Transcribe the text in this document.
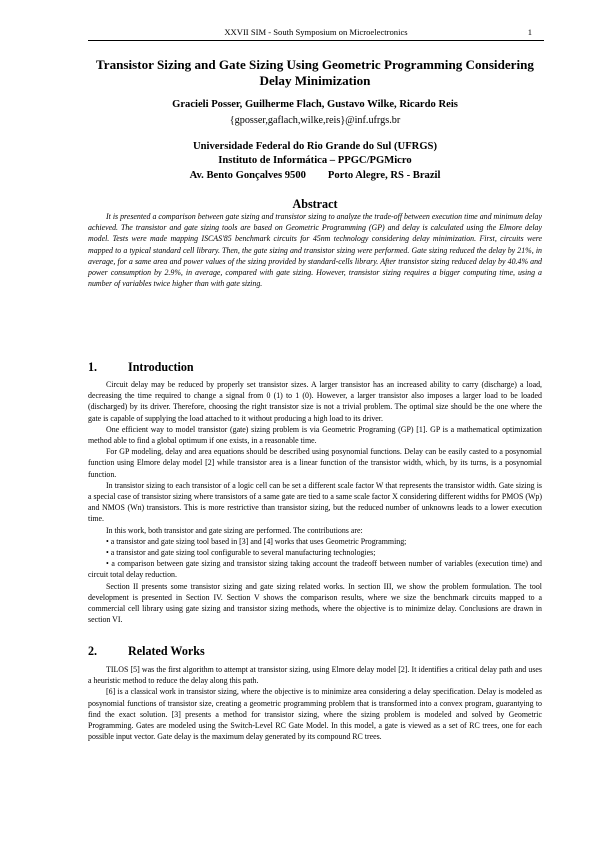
XXVII SIM - South Symposium on Microelectronics	1
Transistor Sizing and Gate Sizing Using Geometric Programming Considering Delay Minimization
Gracieli Posser, Guilherme Flach, Gustavo Wilke, Ricardo Reis
{gposser,gaflach,wilke,reis}@inf.ufrgs.br
Universidade Federal do Rio Grande do Sul (UFRGS)
Instituto de Informática – PPGC/PGMicro
Av. Bento Gonçalves 9500 Porto Alegre, RS - Brazil
Abstract

It is presented a comparison between gate sizing and transistor sizing to analyze the trade-off between execution time and minimum delay achieved. The transistor and gate sizing tools are based on Geometric Programming (GP) and delay is calculated using the Elmore delay model. Tests were made mapping ISCAS'85 benchmark circuits for 45nm technology considering delay minimization. First, circuits were mapped to a typical standard cell library. Then, the gate sizing and transistor sizing were performed. Gate sizing reduced the delay by 21%, in average, for a same area and power values of the sizing provided by standard-cells library. After transistor sizing reduced delay by 40.4% and power consumption by 2.9%, in average, compared with gate sizing. However, transistor sizing requires a bigger computing time, using a number of variables twice higher than with gate sizing.

1.	Introduction

Circuit delay may be reduced by properly set transistor sizes. A larger transistor has an increased ability to carry (discharge) a load, decreasing the time required to change a signal from 0 (1) to 1 (0). However, a larger transistor also imposes a larger load to be loaded (discharged) by its driver. Therefore, choosing the right transistor size is not a trivial problem. The optimal size should be the one where the gate is capable of supplying the load attached to it without producing a high load to its driver.

One efficient way to model transistor (gate) sizing problem is via Geometric Programing (GP) [1]. GP is a mathematical optimization method able to find a global optimum if one exists, in a reasonable time.

For GP modeling, delay and area equations should be described using posynomial functions. Delay can be easily casted to a posynomial function using Elmore delay model [2] while transistor area is a linear function of the transistor width, which, by its turns, is a posynomial function.

In transistor sizing to each transistor of a logic cell can be set a different scale factor W that represents the transistor width. Gate sizing is a special case of transistor sizing where transistors of a same gate are tied to a same scale factor X considering different widths for PMOS (Wp) and NMOS (Wn) transistors. This is more restrictive than transistor sizing, but the reduced number of unknowns leads to a lower execution time.

In this work, both transistor and gate sizing are performed. The contributions are:

• a transistor and gate sizing tool based in [3] and [4] works that uses Geometric Programming;

• a transistor and gate sizing tool configurable to several manufacturing technologies;

• a comparison between gate sizing and transistor sizing taking account the tradeoff between number of variables (execution time) and circuit total delay reduction.

Section II presents some transistor sizing and gate sizing related works. In section III, we show the problem formulation. The tool development is presented in Section IV. Section V shows the comparison results, where we size the benchmark circuits mapped to a commercial cell library using gate sizing and transistor sizing methods, where the objective is to minimize delay. Conclusions are drawn in section VI.

2.	Related Works

TILOS [5] was the first algorithm to attempt at transistor sizing, using Elmore delay model [2]. It identifies a critical delay path and uses a heuristic method to reduce the delay along this path.

[6] is a classical work in transistor sizing, where the objective is to minimize area considering a delay specification. Delay is modeled as posynomial functions of transistor size, creating a geometric programming problem that is transformed into a convex program, guarantying to find the exact solution. [3] presents a method for transistor sizing, where the sizing problem is modeled and solved by Geometric Programming. Gates are modeled using the Switch-Level RC Gate Model. In this model, a gate is viewed as a set of RC trees, one for each possible input vector. Gate delay is the maximum delay generated by its compound RC trees.
